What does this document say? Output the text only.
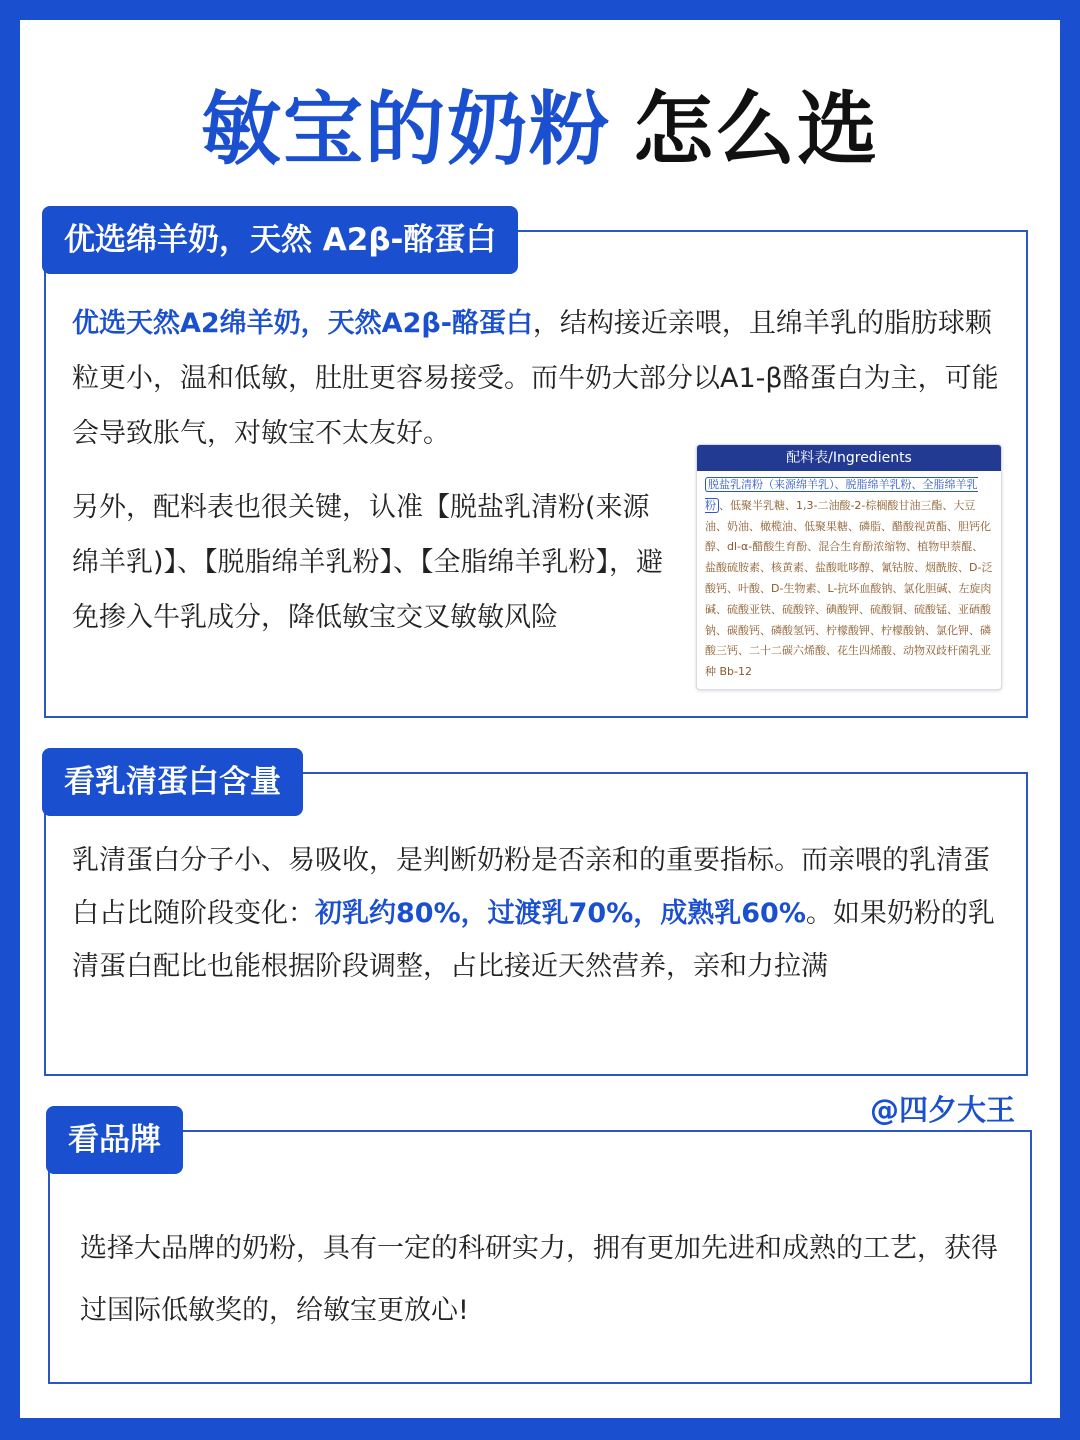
敏宝的奶粉 怎么选
优选绵羊奶，天然 A2β-酪蛋白

优选天然A2绵羊奶，天然A2β-酪蛋白，结构接近亲喂，且绵羊乳的脂肪球颗粒更小，温和低敏，肚肚更容易接受。而牛奶大部分以A1-β酪蛋白为主，可能会导致胀气，对敏宝不太友好。

另外，配料表也很关键，认准【脱盐乳清粉(来源绵羊乳)】、【脱脂绵羊乳粉】、【全脂绵羊乳粉】，避免掺入牛乳成分，降低敏宝交叉敏敏风险

配料表/Ingredients
脱盐乳清粉（来源绵羊乳）、脱脂绵羊乳粉、全脂绵羊乳粉 、低聚半乳糖、1,3-二油酸-2-棕榈酸甘油三酯、大豆油、奶油、橄榄油、低聚果糖、磷脂、醋酸视黄酯、胆钙化醇、dl-α-醋酸生育酚、混合生育酚浓缩物、植物甲萘醌、盐酸硫胺素、核黄素、盐酸吡哆醇、氰钴胺、烟酰胺、D-泛酸钙、叶酸、D-生物素、L-抗坏血酸钠、氯化胆碱、左旋肉碱、硫酸亚铁、硫酸锌、碘酸钾、硫酸铜、硫酸锰、亚硒酸钠、碳酸钙、磷酸氢钙、柠檬酸钾、柠檬酸钠、氯化钾、磷酸三钙、二十二碳六烯酸、花生四烯酸、动物双歧杆菌乳亚种 Bb-12
看乳清蛋白含量

乳清蛋白分子小、易吸收，是判断奶粉是否亲和的重要指标。而亲喂的乳清蛋白占比随阶段变化：初乳约80%，过渡乳70%，成熟乳60%。如果奶粉的乳清蛋白配比也能根据阶段调整，占比接近天然营养，亲和力拉满

@四夕大王
看品牌

选择大品牌的奶粉，具有一定的科研实力，拥有更加先进和成熟的工艺，获得过国际低敏奖的，给敏宝更放心!
